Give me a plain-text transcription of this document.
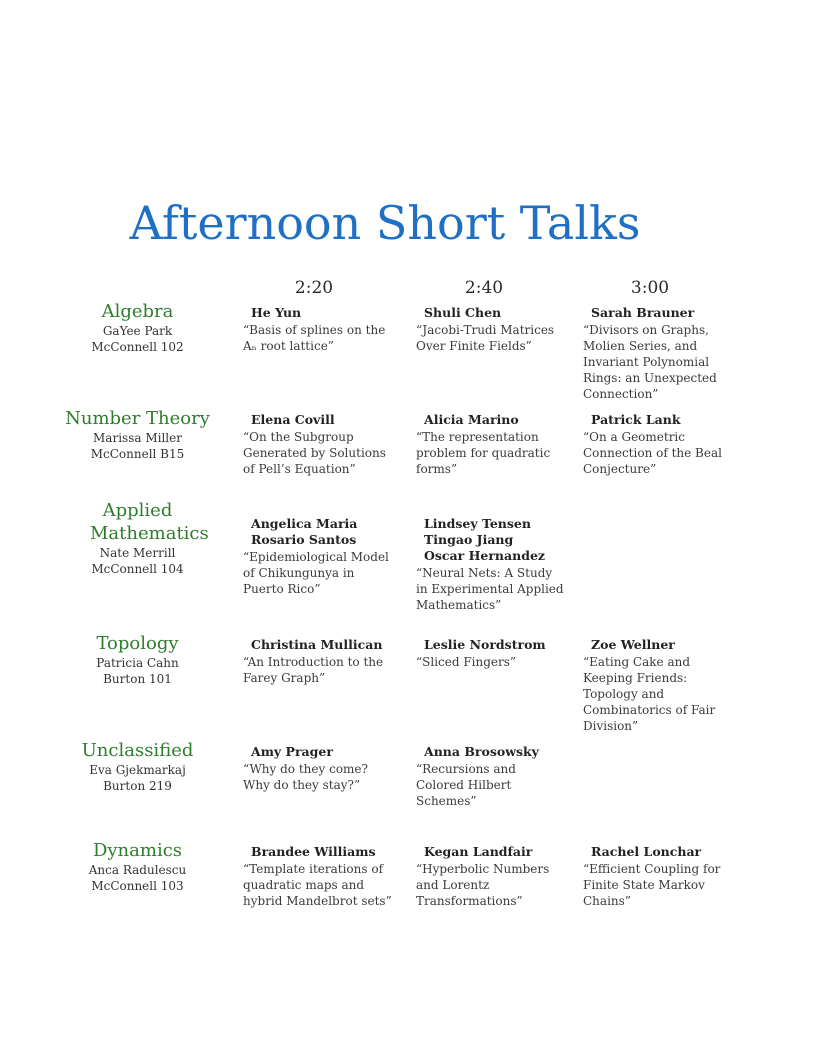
Afternoon Short Talks
2:20	2:40	3:00
Algebra
GaYee Park
McConnell 102
He Yun
“Basis of splines on the Aₙ root lattice”
Shuli Chen
“Jacobi-Trudi Matrices Over Finite Fields”
Sarah Brauner
“Divisors on Graphs, Molien Series, and Invariant Polynomial Rings: an Unexpected Connection”
Number Theory
Marissa Miller
McConnell B15
Elena Covill
“On the Subgroup Generated by Solutions of Pell’s Equation”
Alicia Marino
“The representation problem for quadratic forms”
Patrick Lank
“On a Geometric Connection of the Beal Conjecture”
Applied Mathematics
Nate Merrill
McConnell 104
Angelica Maria Rosario Santos
“Epidemiological Model of Chikungunya in Puerto Rico”
Lindsey Tensen
Tingao Jiang
Oscar Hernandez
“Neural Nets: A Study in Experimental Applied Mathematics”
Topology
Patricia Cahn
Burton 101
Christina Mullican
“An Introduction to the Farey Graph”
Leslie Nordstrom
“Sliced Fingers”
Zoe Wellner
“Eating Cake and Keeping Friends: Topology and Combinatorics of Fair Division”
Unclassified
Eva Gjekmarkaj
Burton 219
Amy Prager
“Why do they come? Why do they stay?”
Anna Brosowsky
“Recursions and Colored Hilbert Schemes”
Dynamics
Anca Radulescu
McConnell 103
Brandee Williams
“Template iterations of quadratic maps and hybrid Mandelbrot sets”
Kegan Landfair
“Hyperbolic Numbers and Lorentz Transformations”
Rachel Lonchar
“Efficient Coupling for Finite State Markov Chains”
